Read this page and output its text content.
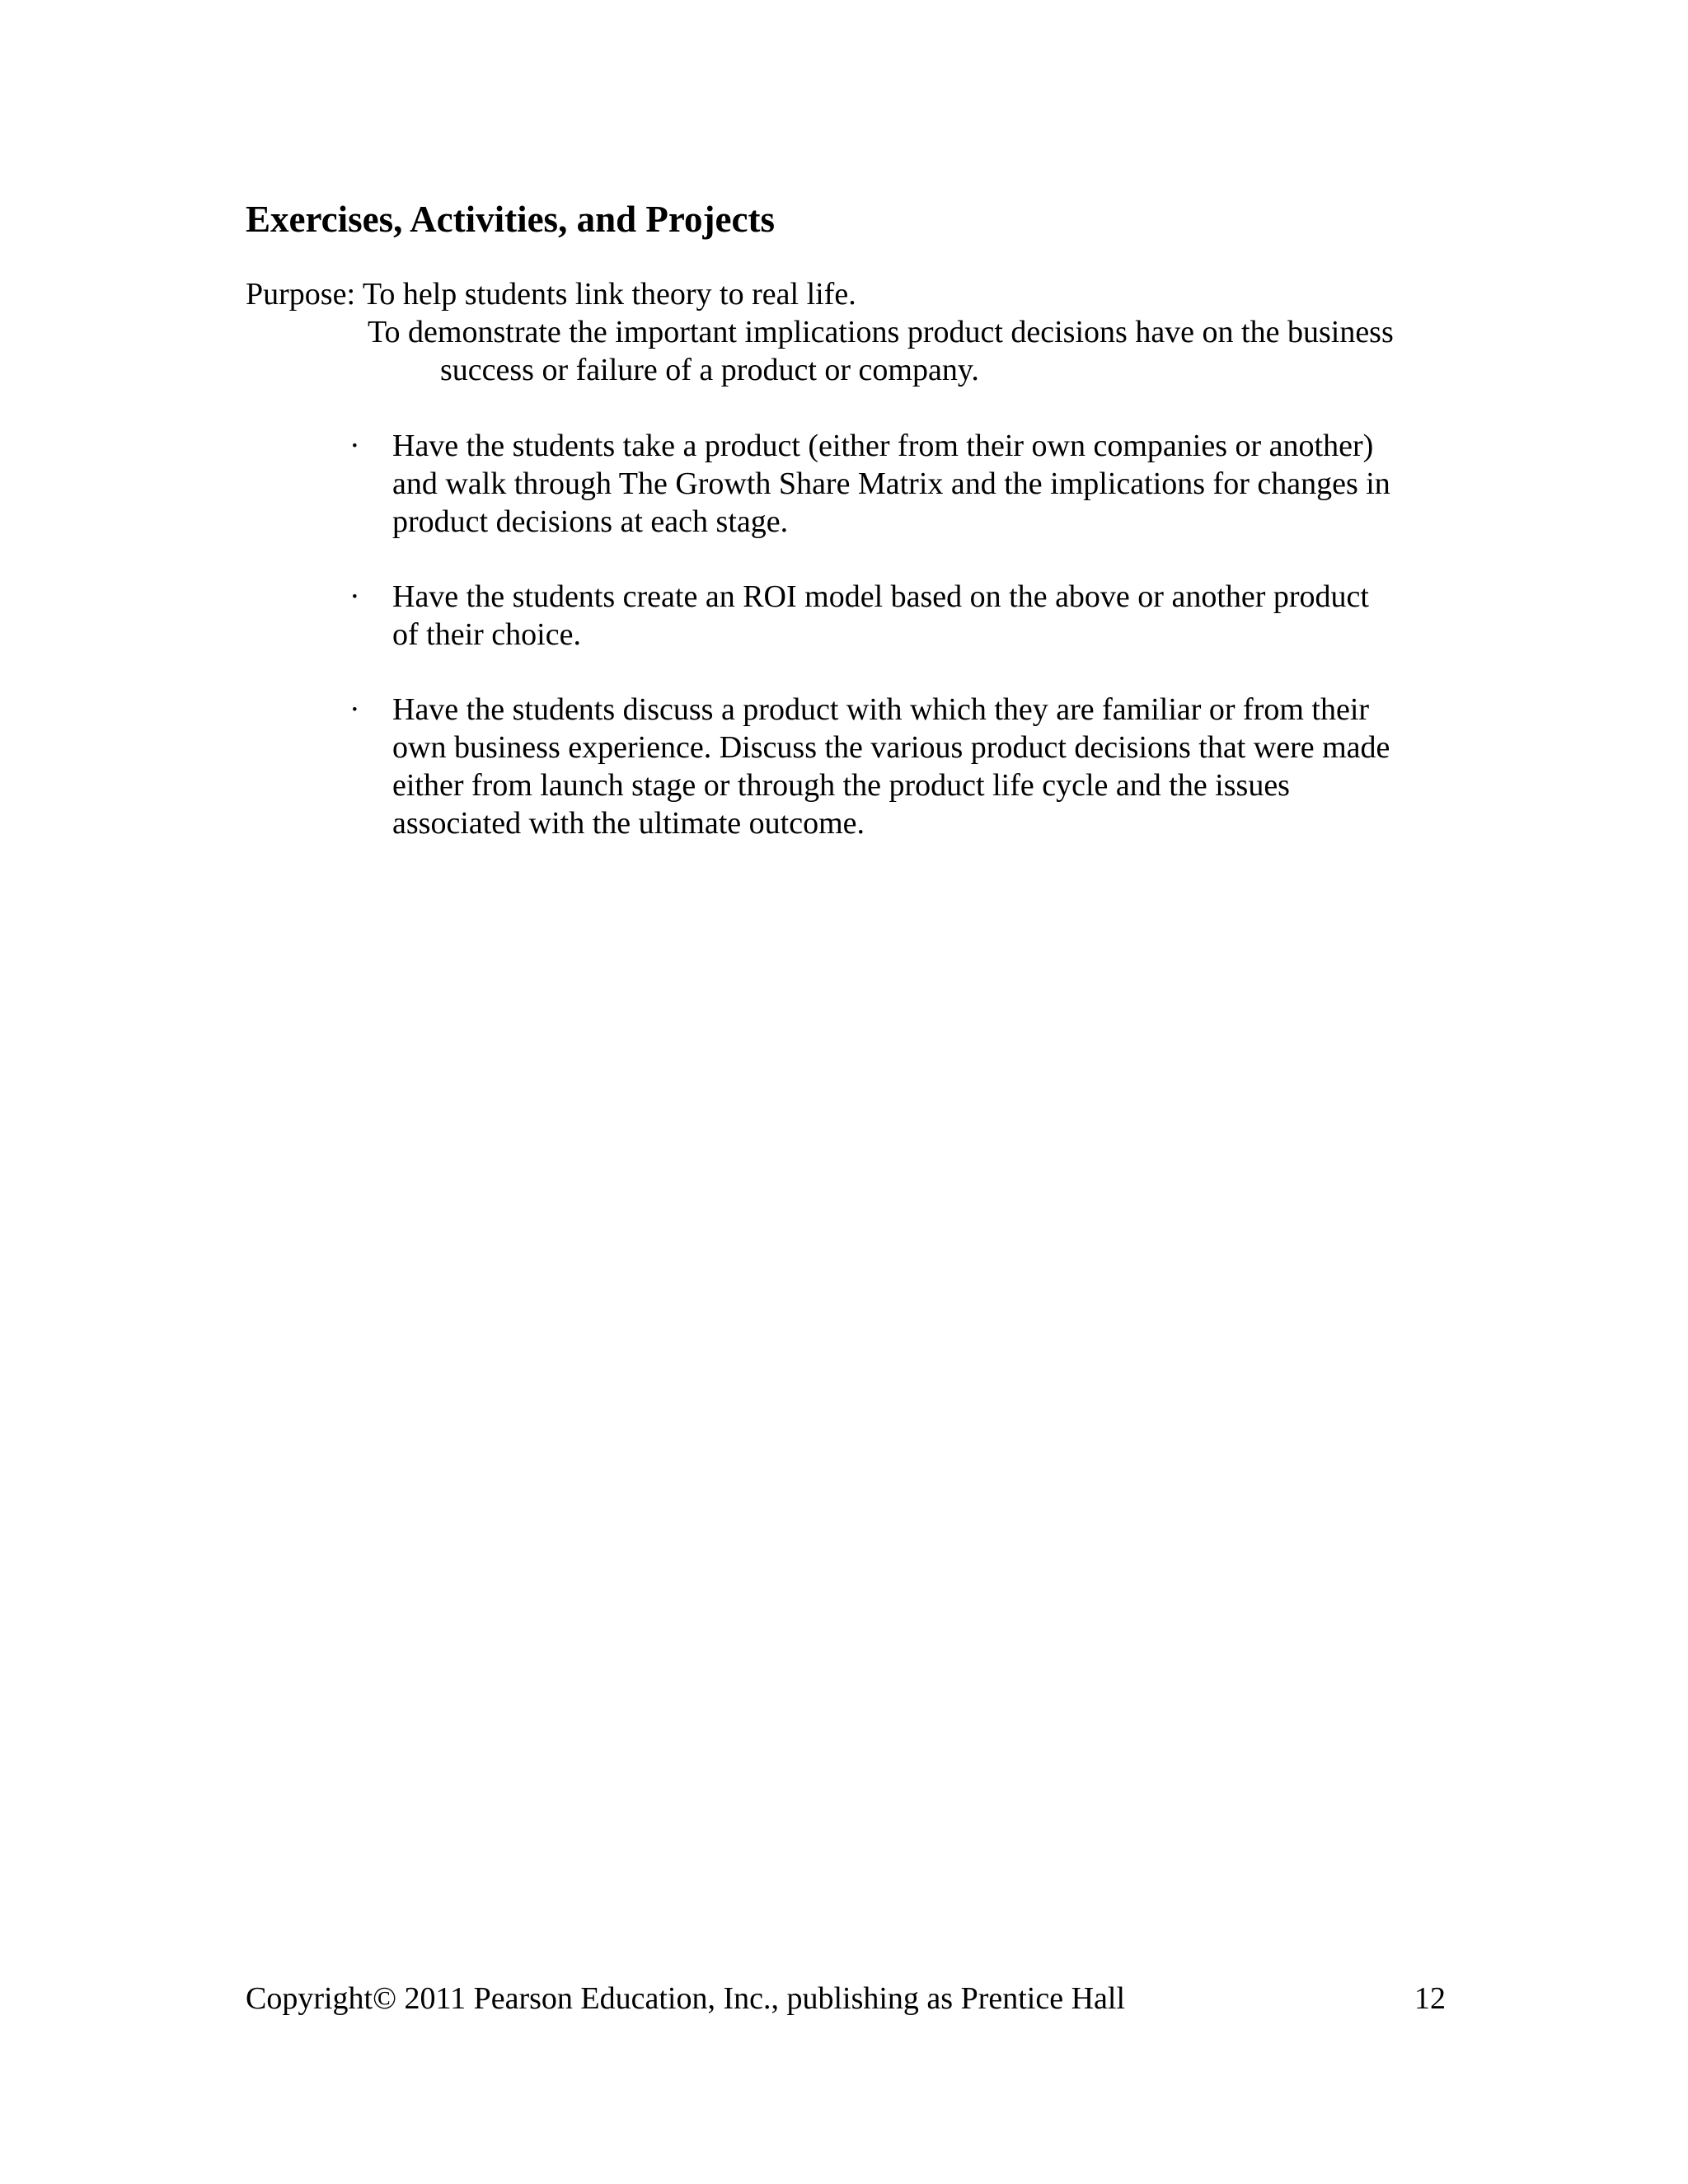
Exercises, Activities, and Projects
Purpose: To help students link theory to real life.
To demonstrate the important implications product decisions have on the business
success or failure of a product or company.
·	Have the students take a product (either from their own companies or another)
and walk through The Growth Share Matrix and the implications for changes in
product decisions at each stage.
·	Have the students create an ROI model based on the above or another product
of their choice.
·	Have the students discuss a product with which they are familiar or from their
own business experience. Discuss the various product decisions that were made
either from launch stage or through the product life cycle and the issues
associated with the ultimate outcome.
Copyright© 2011 Pearson Education, Inc., publishing as Prentice Hall	12
